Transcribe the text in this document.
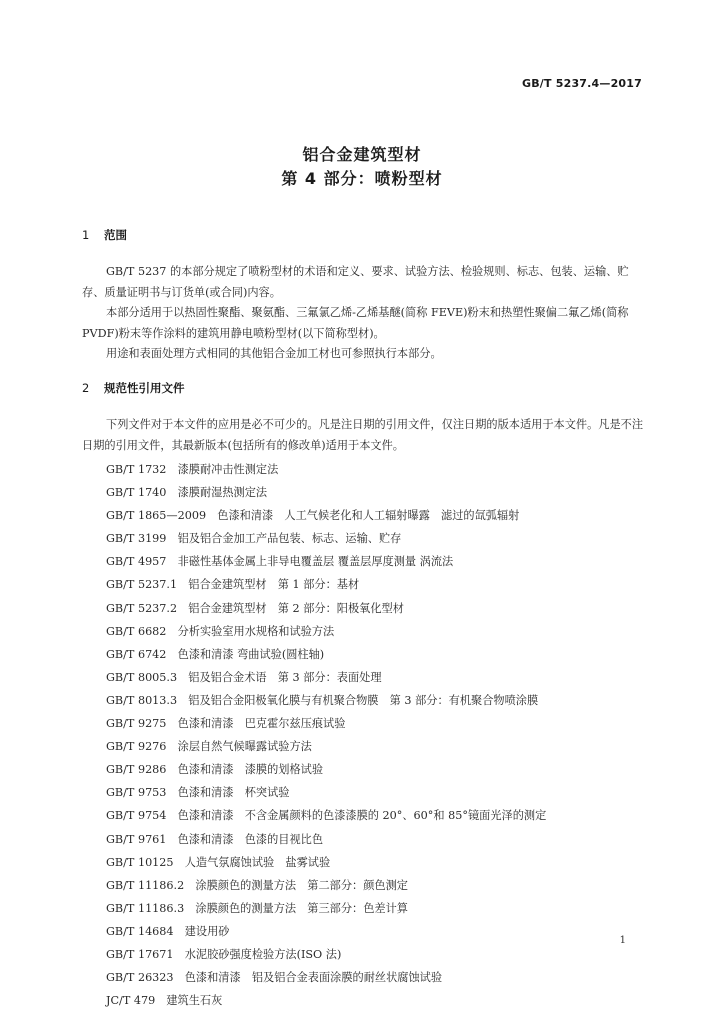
GB/T 5237.4—2017
铝合金建筑型材
第 4 部分：喷粉型材
1 范围
GB/T 5237 的本部分规定了喷粉型材的术语和定义、要求、试验方法、检验规则、标志、包装、运输、贮存、质量证明书与订货单(或合同)内容。
本部分适用于以热固性聚酯、聚氨酯、三氟氯乙烯-乙烯基醚(简称 FEVE)粉末和热塑性聚偏二氟乙烯(简称 PVDF)粉末等作涂料的建筑用静电喷粉型材(以下简称型材)。
用途和表面处理方式相同的其他铝合金加工材也可参照执行本部分。
2 规范性引用文件
下列文件对于本文件的应用是必不可少的。凡是注日期的引用文件，仅注日期的版本适用于本文件。凡是不注日期的引用文件，其最新版本(包括所有的修改单)适用于本文件。
GB/T 1732　漆膜耐冲击性测定法
GB/T 1740　漆膜耐湿热测定法
GB/T 1865—2009　色漆和清漆　人工气候老化和人工辐射曝露　滤过的氙弧辐射
GB/T 3199　铝及铝合金加工产品包装、标志、运输、贮存
GB/T 4957　非磁性基体金属上非导电覆盖层 覆盖层厚度测量 涡流法
GB/T 5237.1　铝合金建筑型材　第 1 部分：基材
GB/T 5237.2　铝合金建筑型材　第 2 部分：阳极氧化型材
GB/T 6682　分析实验室用水规格和试验方法
GB/T 6742　色漆和清漆 弯曲试验(圆柱轴)
GB/T 8005.3　铝及铝合金术语　第 3 部分：表面处理
GB/T 8013.3　铝及铝合金阳极氧化膜与有机聚合物膜　第 3 部分：有机聚合物喷涂膜
GB/T 9275　色漆和清漆　巴克霍尔兹压痕试验
GB/T 9276　涂层自然气候曝露试验方法
GB/T 9286　色漆和清漆　漆膜的划格试验
GB/T 9753　色漆和清漆　杯突试验
GB/T 9754　色漆和清漆　不含金属颜料的色漆漆膜的 20°、60°和 85°镜面光泽的测定
GB/T 9761　色漆和清漆　色漆的目视比色
GB/T 10125　人造气氛腐蚀试验　盐雾试验
GB/T 11186.2　涂膜颜色的测量方法　第二部分：颜色测定
GB/T 11186.3　涂膜颜色的测量方法　第三部分：色差计算
GB/T 14684　建设用砂
GB/T 17671　水泥胶砂强度检验方法(ISO 法)
GB/T 26323　色漆和清漆　铝及铝合金表面涂膜的耐丝状腐蚀试验
JC/T 479　建筑生石灰
1
